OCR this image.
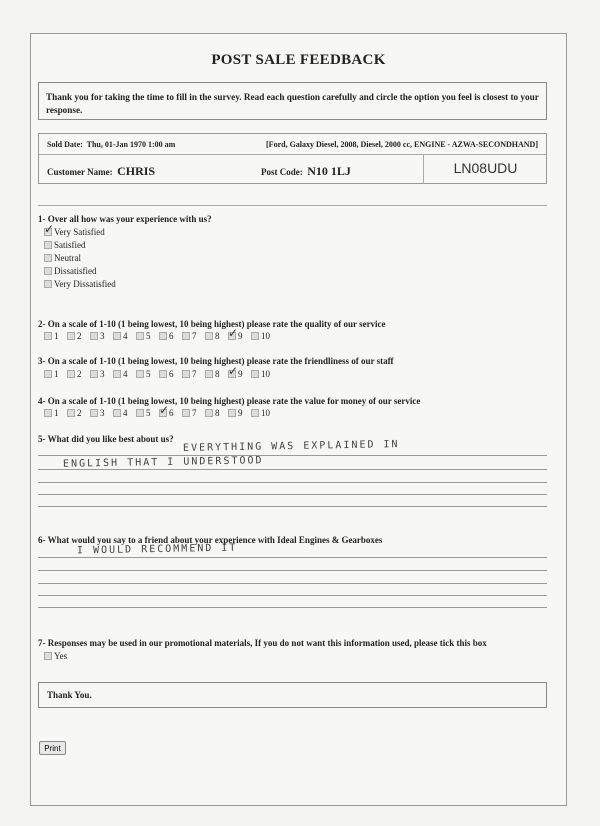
POST SALE FEEDBACK
Thank you for taking the time to fill in the survey. Read each question carefully and circle the option you feel is closest to your response.
Sold Date: Thu, 01-Jan 1970 1:00 am	[Ford, Galaxy Diesel, 2008, Diesel, 2000 cc, ENGINE - AZWA-SECONDHAND]
Customer Name: CHRIS	Post Code: N10 1LJ	LN08UDU
1- Over all how was your experience with us?
✓
Very Satisfied
Satisfied
Neutral
Dissatisfied
Very Dissatisfied
2- On a scale of 1-10 (1 being lowest, 10 being highest) please rate the quality of our service
1 2 3 4 5 6 7 8 ✓ 9 10
3- On a scale of 1-10 (1 being lowest, 10 being highest) please rate the friendliness of our staff
1 2 3 4 5 6 7 8 ✓ 9 10
4- On a scale of 1-10 (1 being lowest, 10 being highest) please rate the value for money of our service
1 2 3 4 5 ✓ 6 7 8 9 10
5- What did you like best about us?
EVERYTHING WAS EXPLAINED IN
ENGLISH THAT I UNDERSTOOD
6- What would you say to a friend about your experience with Ideal Engines & Gearboxes
I WOULD RECOMMEND IT
7- Responses may be used in our promotional materials, If you do not want this information used, please tick this box
Yes
Thank You.
Print
